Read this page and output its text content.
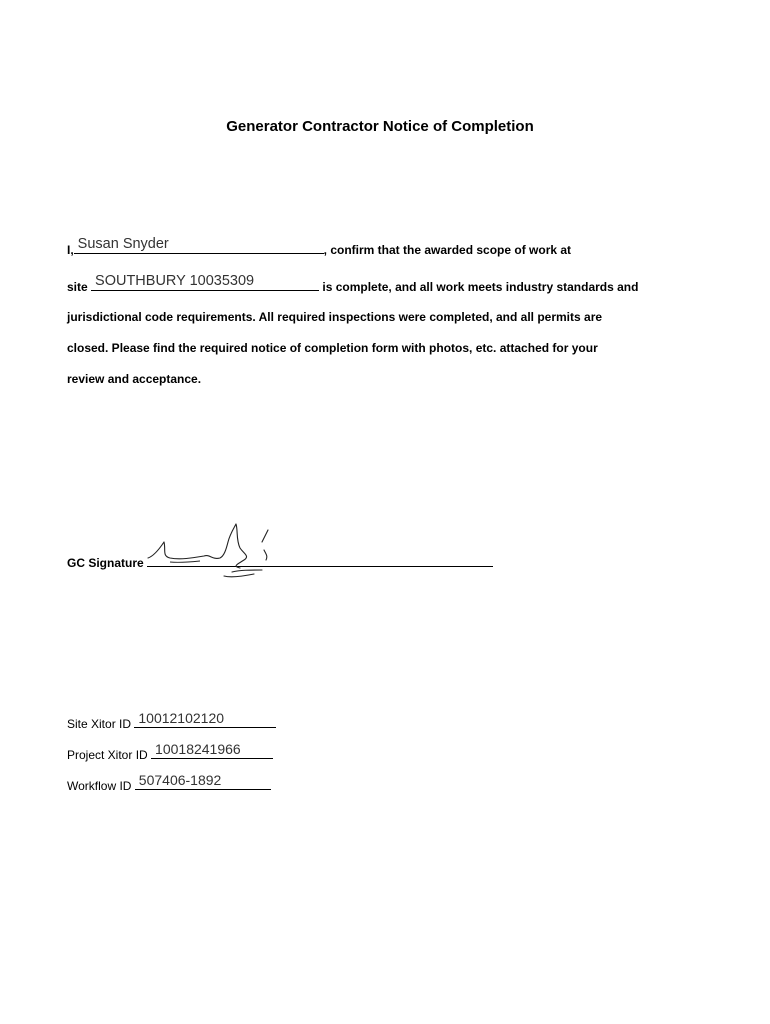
Generator Contractor Notice of Completion
I, Susan Snyder	, confirm that the awarded scope of work at
site SOUTHBURY 10035309	is complete, and all work meets industry standards and
jurisdictional code requirements. All required inspections were completed, and all permits are
closed. Please find the required notice of completion form with photos, etc. attached for your
review and acceptance.
GC Signature
Site Xitor ID 10012102120
Project Xitor ID 10018241966
Workflow ID 507406-1892
